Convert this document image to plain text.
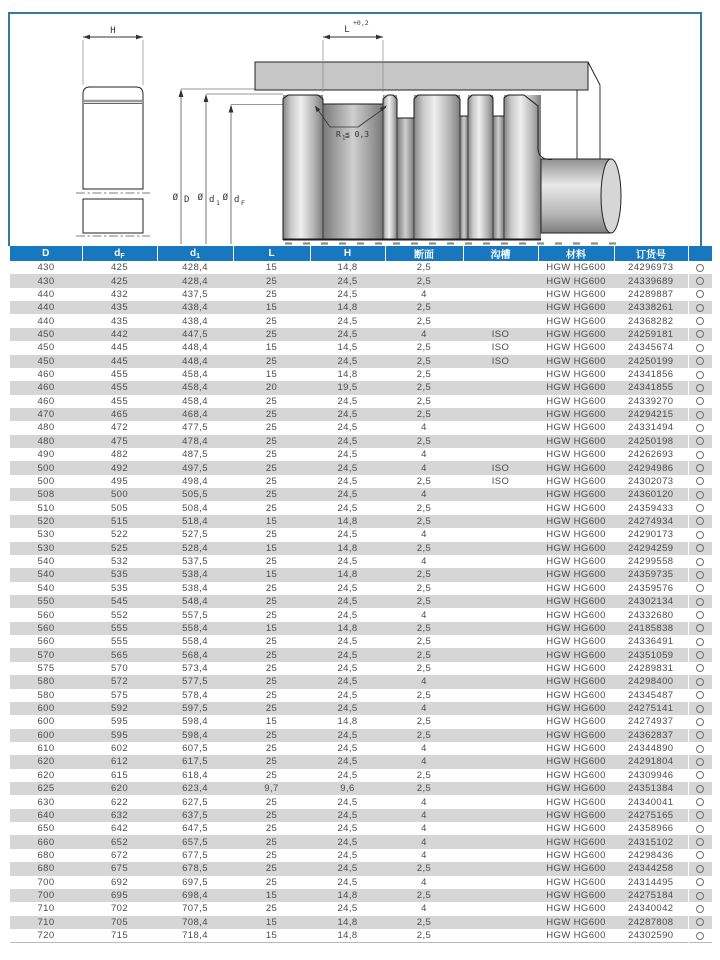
H
Ø D Ø d 1 Ø d F
L
+0,2
R 1 ≦ 0,3
D	$d_F$	$d_1$	L	H	断面	沟槽	材料	订货号	
430	425	428,4	15	14,8	2,5		HGW HG600	24296973	
430	425	428,4	25	24,5	2,5		HGW HG600	24339689	
440	432	437,5	25	24,5	4		HGW HG600	24289887	
440	435	438,4	15	14,8	2,5		HGW HG600	24338261	
440	435	438,4	25	24,5	2,5		HGW HG600	24368282	
450	442	447,5	25	24,5	4	ISO	HGW HG600	24259181	
450	445	448,4	15	14,5	2,5	ISO	HGW HG600	24345674	
450	445	448,4	25	24,5	2,5	ISO	HGW HG600	24250199	
460	455	458,4	15	14,8	2,5		HGW HG600	24341856	
460	455	458,4	20	19,5	2,5		HGW HG600	24341855	
460	455	458,4	25	24,5	2,5		HGW HG600	24339270	
470	465	468,4	25	24,5	2,5		HGW HG600	24294215	
480	472	477,5	25	24,5	4		HGW HG600	24331494	
480	475	478,4	25	24,5	2,5		HGW HG600	24250198	
490	482	487,5	25	24,5	4		HGW HG600	24262693	
500	492	497,5	25	24,5	4	ISO	HGW HG600	24294986	
500	495	498,4	25	24,5	2,5	ISO	HGW HG600	24302073	
508	500	505,5	25	24,5	4		HGW HG600	24360120	
510	505	508,4	25	24,5	2,5		HGW HG600	24359433	
520	515	518,4	15	14,8	2,5		HGW HG600	24274934	
530	522	527,5	25	24,5	4		HGW HG600	24290173	
530	525	528,4	15	14,8	2,5		HGW HG600	24294259	
540	532	537,5	25	24,5	4		HGW HG600	24299558	
540	535	538,4	15	14,8	2,5		HGW HG600	24359735	
540	535	538,4	25	24,5	2,5		HGW HG600	24359576	
550	545	548,4	25	24,5	2,5		HGW HG600	24302134	
560	552	557,5	25	24,5	4		HGW HG600	24332680	
560	555	558,4	15	14,8	2,5		HGW HG600	24185838	
560	555	558,4	25	24,5	2,5		HGW HG600	24336491	
570	565	568,4	25	24,5	2,5		HGW HG600	24351059	
575	570	573,4	25	24,5	2,5		HGW HG600	24289831	
580	572	577,5	25	24,5	4		HGW HG600	24298400	
580	575	578,4	25	24,5	2,5		HGW HG600	24345487	
600	592	597,5	25	24,5	4		HGW HG600	24275141	
600	595	598,4	15	14,8	2,5		HGW HG600	24274937	
600	595	598,4	25	24,5	2,5		HGW HG600	24362837	
610	602	607,5	25	24,5	4		HGW HG600	24344890	
620	612	617,5	25	24,5	4		HGW HG600	24291804	
620	615	618,4	25	24,5	2,5		HGW HG600	24309946	
625	620	623,4	9,7	9,6	2,5		HGW HG600	24351384	
630	622	627,5	25	24,5	4		HGW HG600	24340041	
640	632	637,5	25	24,5	4		HGW HG600	24275165	
650	642	647,5	25	24,5	4		HGW HG600	24358966	
660	652	657,5	25	24,5	4		HGW HG600	24315102	
680	672	677,5	25	24,5	4		HGW HG600	24298436	
680	675	678,5	25	24,5	2,5		HGW HG600	24344258	
700	692	697,5	25	24,5	4		HGW HG600	24314495	
700	695	698,4	15	14,8	2,5		HGW HG600	24275184	
710	702	707,5	25	24,5	4		HGW HG600	24340042	
710	705	708,4	15	14,8	2,5		HGW HG600	24287808	
720	715	718,4	15	14,8	2,5		HGW HG600	24302590	
